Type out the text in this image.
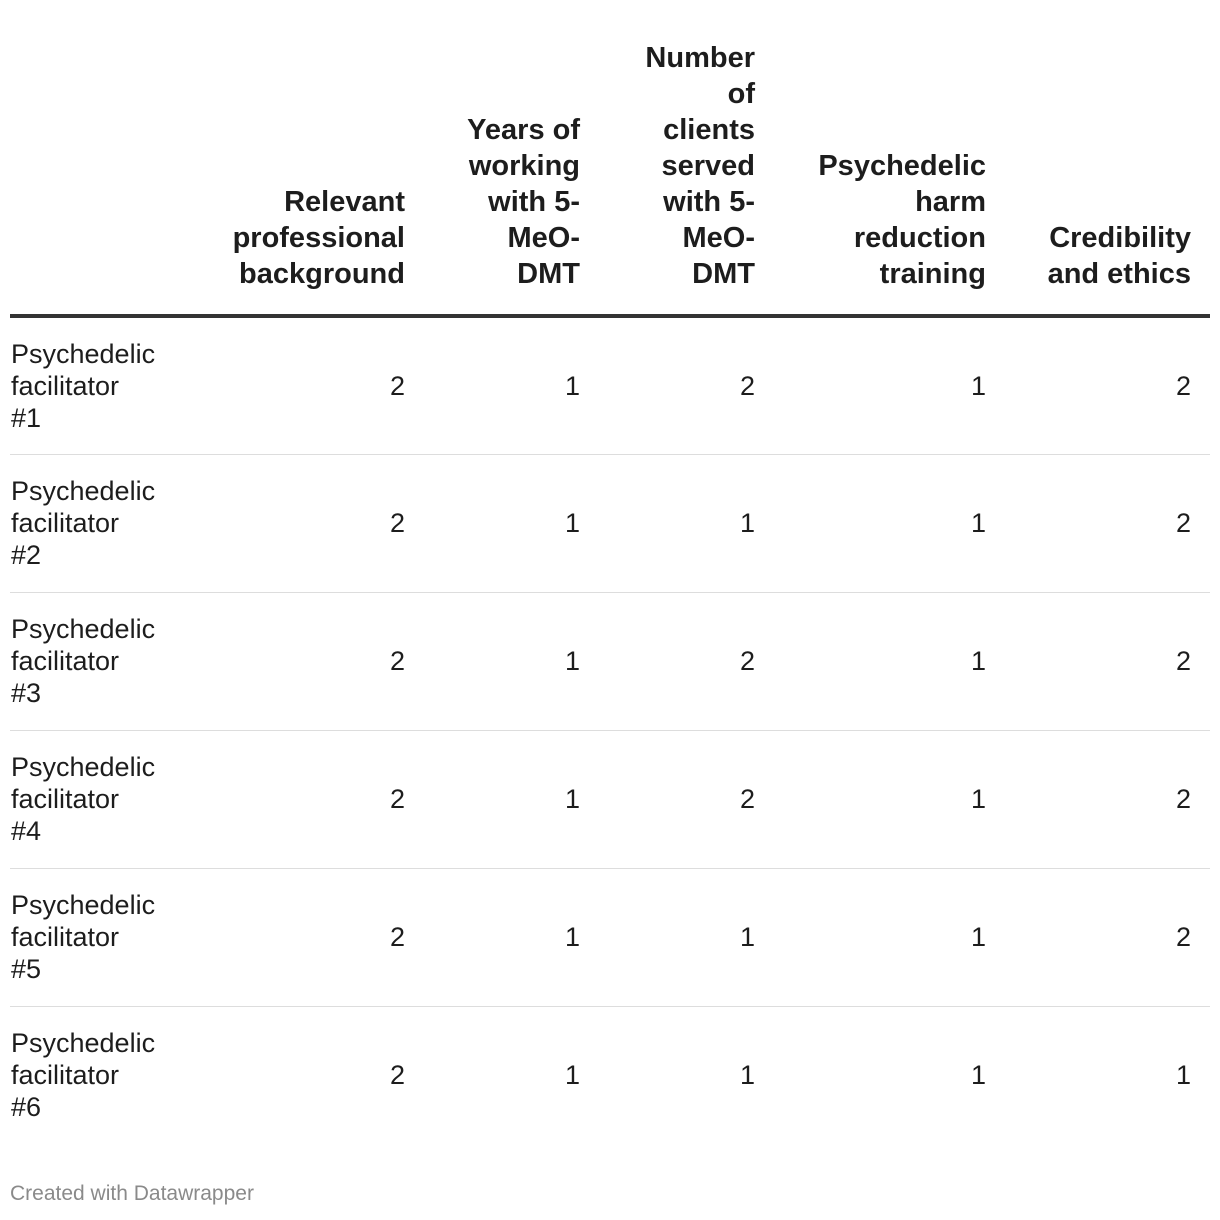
	Relevant professional background	Years of working with 5-MeO-DMT	Number of clients served with 5-MeO-DMT	Psychedelic harm reduction training	Credibility and ethics	
Psychedelic facilitator #1	2	1	2	1	2	
Psychedelic facilitator #2	2	1	1	1	2	
Psychedelic facilitator #3	2	1	2	1	2	
Psychedelic facilitator #4	2	1	2	1	2	
Psychedelic facilitator #5	2	1	1	1	2	
Psychedelic facilitator #6	2	1	1	1	1	
Created with Datawrapper
